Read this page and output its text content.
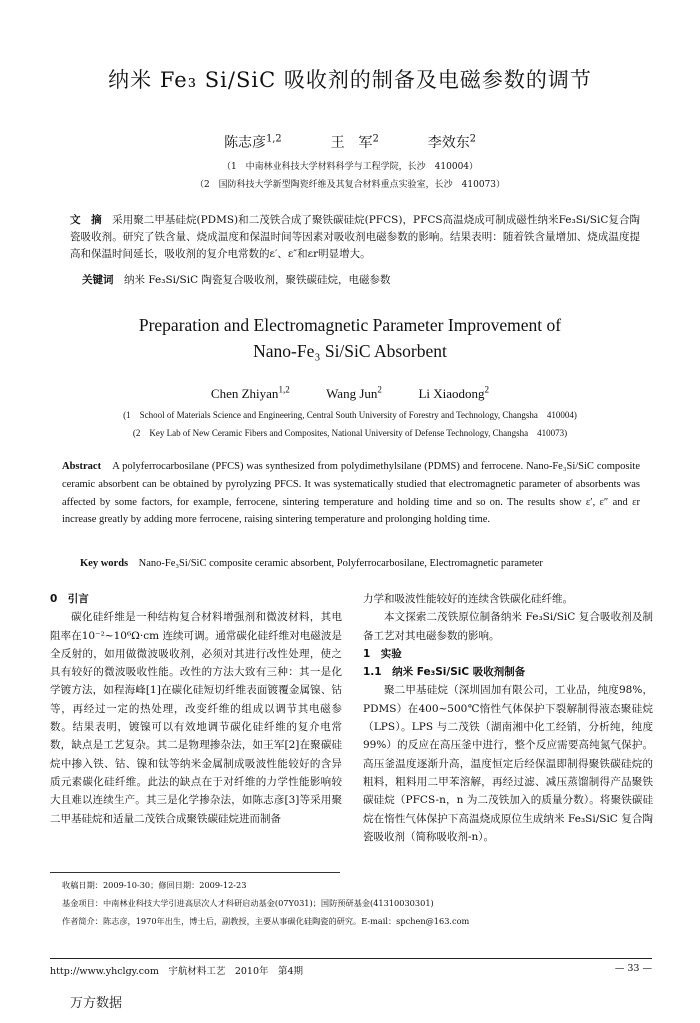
纳米 Fe₃ Si/SiC 吸收剂的制备及电磁参数的调节
陈志彦$^{1,2}$	王　军$^2$	李效东$^2$
（1　中南林业科技大学材料科学与工程学院，长沙　410004）
（2　国防科技大学新型陶瓷纤维及其复合材料重点实验室，长沙　410073）
文　摘　 采用聚二甲基硅烷(PDMS)和二茂铁合成了聚铁碳硅烷(PFCS)，PFCS高温烧成可制成磁性纳米Fe₃Si/SiC复合陶瓷吸收剂。研究了铁含量、烧成温度和保温时间等因素对吸收剂电磁参数的影响。结果表明：随着铁含量增加、烧成温度提高和保温时间延长，吸收剂的复介电常数的ε′、ε″和εr明显增大。
关键词　 纳米 Fe₃Si/SiC 陶瓷复合吸收剂，聚铁碳硅烷，电磁参数
Preparation and Electromagnetic Parameter Improvement of
Nano-Fe₃ Si/SiC Absorbent
Chen Zhiyan$^{1,2}$	Wang Jun$^2$	Li Xiaodong$^2$
(1　School of Materials Science and Engineering, Central South University of Forestry and Technology, Changsha　410004)
(2　Key Lab of New Ceramic Fibers and Composites, National University of Defense Technology, Changsha　410073)
Abstract　 A polyferrocarbosilane (PFCS) was synthesized from polydimethylsilane (PDMS) and ferrocene. Nano-Fe₃Si/SiC composite ceramic absorbent can be obtained by pyrolyzing PFCS. It was systematically studied that electromagnetic parameter of absorbents was affected by some factors, for example, ferrocene, sintering temperature and holding time and so on. The results show ε′, ε″ and εr increase greatly by adding more ferrocene, raising sintering temperature and prolonging holding time.
Key words　 Nano-Fe₃Si/SiC composite ceramic absorbent, Polyferrocarbosilane, Electromagnetic parameter

0　引言

碳化硅纤维是一种结构复合材料增强剂和微波材料，其电阻率在10⁻²~10⁶Ω·cm 连续可调。通常碳化硅纤维对电磁波是全反射的，如用做微波吸收剂，必须对其进行改性处理，使之具有较好的微波吸收性能。改性的方法大致有三种：其一是化学镀方法，如程海峰[1]在碳化硅短切纤维表面镀覆金属镍、钴等，再经过一定的热处理，改变纤维的组成以调节其电磁参数。结果表明，镀镍可以有效地调节碳化硅纤维的复介电常数，缺点是工艺复杂。其二是物理掺杂法，如王军[2]在聚碳硅烷中掺入铁、钴、镍和钛等纳米金属制成吸波性能较好的含异质元素碳化硅纤维。此法的缺点在于对纤维的力学性能影响较大且难以连续生产。其三是化学掺杂法，如陈志彦[3]等采用聚二甲基硅烷和适量二茂铁合成聚铁碳硅烷进而制备

力学和吸波性能较好的连续含铁碳化硅纤维。

本文探索二茂铁原位制备纳米 Fe₃Si/SiC 复合吸收剂及制备工艺对其电磁参数的影响。

1　实验

1.1　纳米 Fe₃Si/SiC 吸收剂制备

聚二甲基硅烷（深圳固加有限公司，工业品，纯度98%，PDMS）在400~500℃惰性气体保护下裂解制得液态聚硅烷（LPS）。LPS 与二茂铁（湖南湘中化工经销，分析纯，纯度99%）的反应在高压釜中进行，整个反应需要高纯氮气保护。高压釜温度逐渐升高，温度恒定后经保温即制得聚铁碳硅烷的粗料，粗料用二甲苯溶解，再经过滤、减压蒸馏制得产品聚铁碳硅烷（PFCS-n，n 为二茂铁加入的质量分数）。将聚铁碳硅烷在惰性气体保护下高温烧成原位生成纳米 Fe₃Si/SiC 复合陶瓷吸收剂（简称吸收剂-n）。

收稿日期：2009-10-30；修回日期：2009-12-23
基金项目：中南林业科技大学引进高层次人才科研启动基金(07Y031)；国防预研基金(41310030301)
作者简介：陈志彦，1970年出生，博士后，副教授，主要从事碳化硅陶瓷的研究。E-mail：spchen@163.com
http://www.yhclgy.com　宇航材料工艺　2010年　第4期	— 33 —
万方数据
